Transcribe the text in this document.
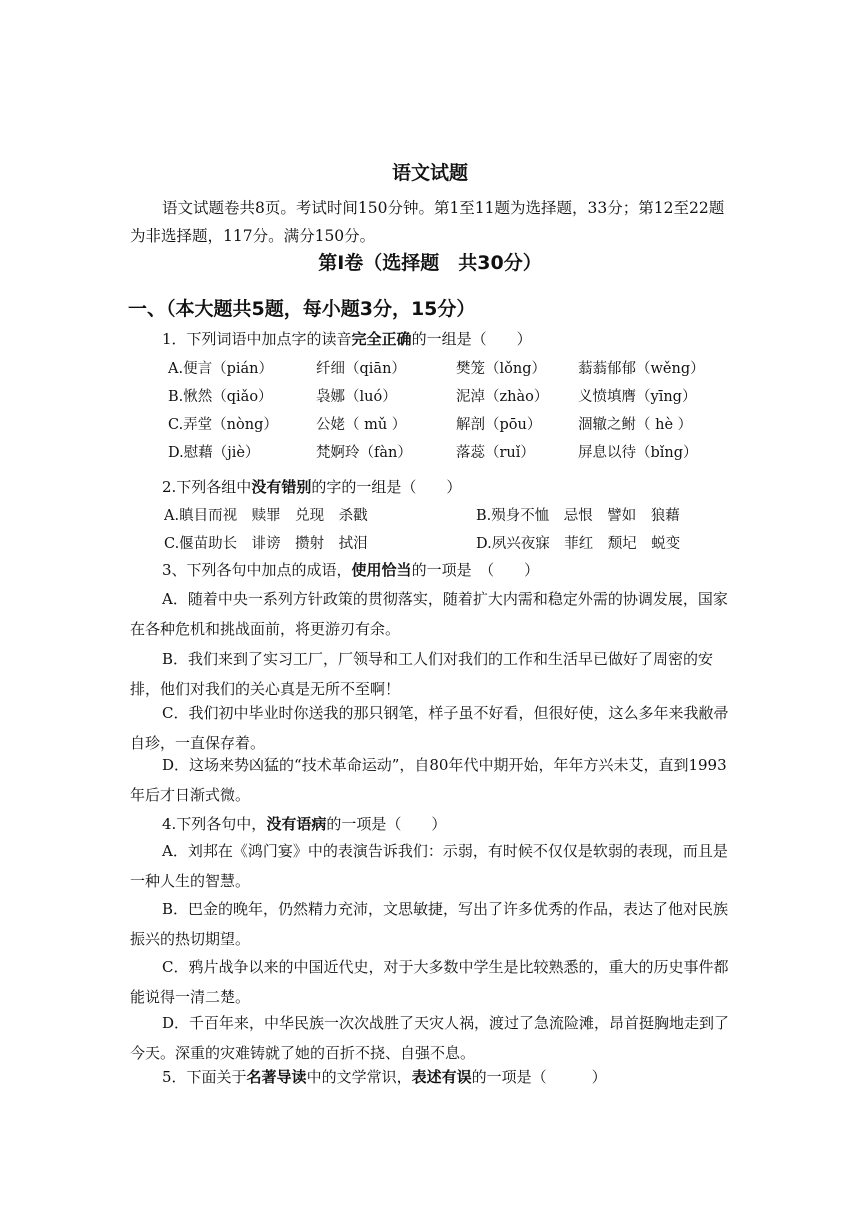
语文试题
语文试题卷共8页。考试时间150分钟。第1至11题为选择题，33分；第12至22题为非选择题，117分。满分150分。
第Ⅰ卷（选择题　共30分）
一、（本大题共5题，每小题3分，15分）
1．下列词语中加点字的读音完全正确的一组是（　　）
A.便言（pián）	纤细（qiān）	樊笼（lǒng） 蓊蓊郁郁（wěng）
B.愀然（qiǎo）	袅娜（luó）	泥淖（zhào） 义愤填膺（yīng）
C.弄堂（nòng）	公姥（ mǔ ）	解剖（pōu）	涸辙之鲋（ hè ）
D.慰藉（jiè）	梵婀玲（fàn）	落蕊（ruǐ）	屏息以待（bǐng）
2.下列各组中没有错别的字的一组是（　　）
A.瞋目而视　赎罪　兑现　杀戳	B.殒身不恤　忌恨　譬如　狼藉
C.偃苗助长　诽谤　攒射　拭泪	D.夙兴夜寐　菲红　颓圮　蜕变
3、下列各句中加点的成语，使用恰当的一项是　（　　）
A．随着中央一系列方针政策的贯彻落实，随着扩大内需和稳定外需的协调发展，国家在各种危机和挑战面前，将更游刃有余。
B．我们来到了实习工厂，厂领导和工人们对我们的工作和生活早已做好了周密的安排，他们对我们的关心真是无所不至啊！
C．我们初中毕业时你送我的那只钢笔，样子虽不好看，但很好使，这么多年来我敝帚自珍，一直保存着。
D．这场来势凶猛的“技术革命运动”，自80年代中期开始，年年方兴未艾，直到1993年后才日渐式微。
4.下列各句中，没有语病的一项是（　　）
A．刘邦在《鸿门宴》中的表演告诉我们：示弱，有时候不仅仅是软弱的表现，而且是一种人生的智慧。
B．巴金的晚年，仍然精力充沛，文思敏捷，写出了许多优秀的作品，表达了他对民族振兴的热切期望。
C．鸦片战争以来的中国近代史，对于大多数中学生是比较熟悉的，重大的历史事件都能说得一清二楚。
D．千百年来，中华民族一次次战胜了天灾人祸，渡过了急流险滩，昂首挺胸地走到了今天。深重的灾难铸就了她的百折不挠、自强不息。
5．下面关于名著导读中的文学常识，表述有误的一项是（　　　）
